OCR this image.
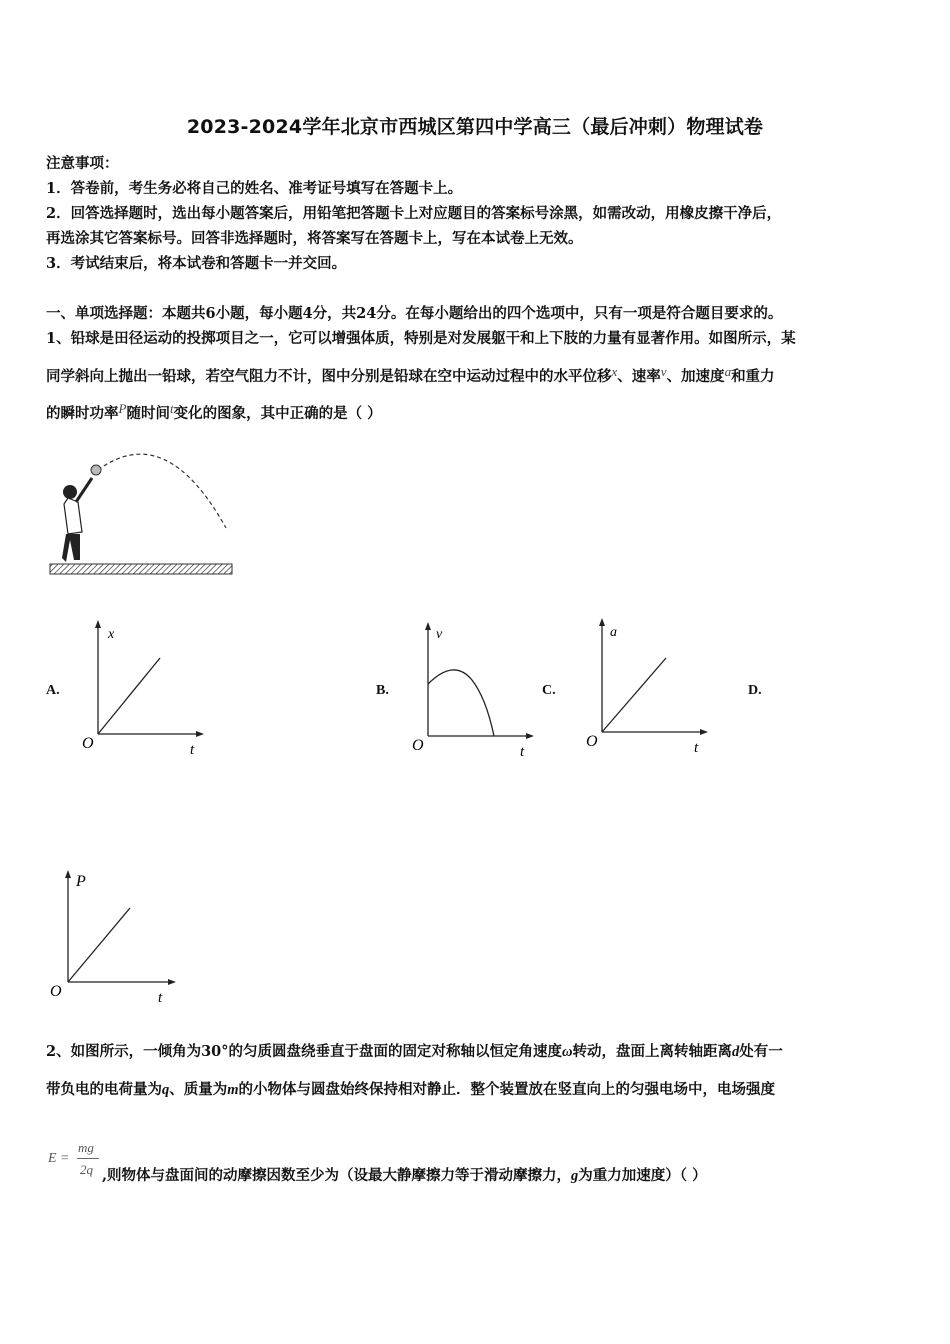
2023-2024学年北京市西城区第四中学高三（最后冲刺）物理试卷
注意事项：
1．答卷前，考生务必将自己的姓名、准考证号填写在答题卡上。
2．回答选择题时，选出每小题答案后，用铅笔把答题卡上对应题目的答案标号涂黑，如需改动，用橡皮擦干净后，
再选涂其它答案标号。回答非选择题时，将答案写在答题卡上，写在本试卷上无效。
3．考试结束后，将本试卷和答题卡一并交回。
一、单项选择题：本题共6小题，每小题4分，共24分。在每小题给出的四个选项中，只有一项是符合题目要求的。
1、铅球是田径运动的投掷项目之一，它可以增强体质，特别是对发展躯干和上下肢的力量有显著作用。如图所示，某
同学斜向上抛出一铅球，若空气阻力不计，图中分别是铅球在空中运动过程中的水平位移x、速率v、加速度a和重力
的瞬时功率P随时间t变化的图象，其中正确的是（ ）
A.
x
O	t
B.
v
O	t
C.
a
O	t
D.
P
O	t
2、如图所示，一倾角为30°的匀质圆盘绕垂直于盘面的固定对称轴以恒定角速度ω转动，盘面上离转轴距离d处有一
带负电的电荷量为q、质量为m的小物体与圆盘始终保持相对静止．整个装置放在竖直向上的匀强电场中，电场强度
E =
mg
2q ,则物体与盘面间的动摩擦因数至少为（设最大静摩擦力等于滑动摩擦力，g为重力加速度）（ ）
